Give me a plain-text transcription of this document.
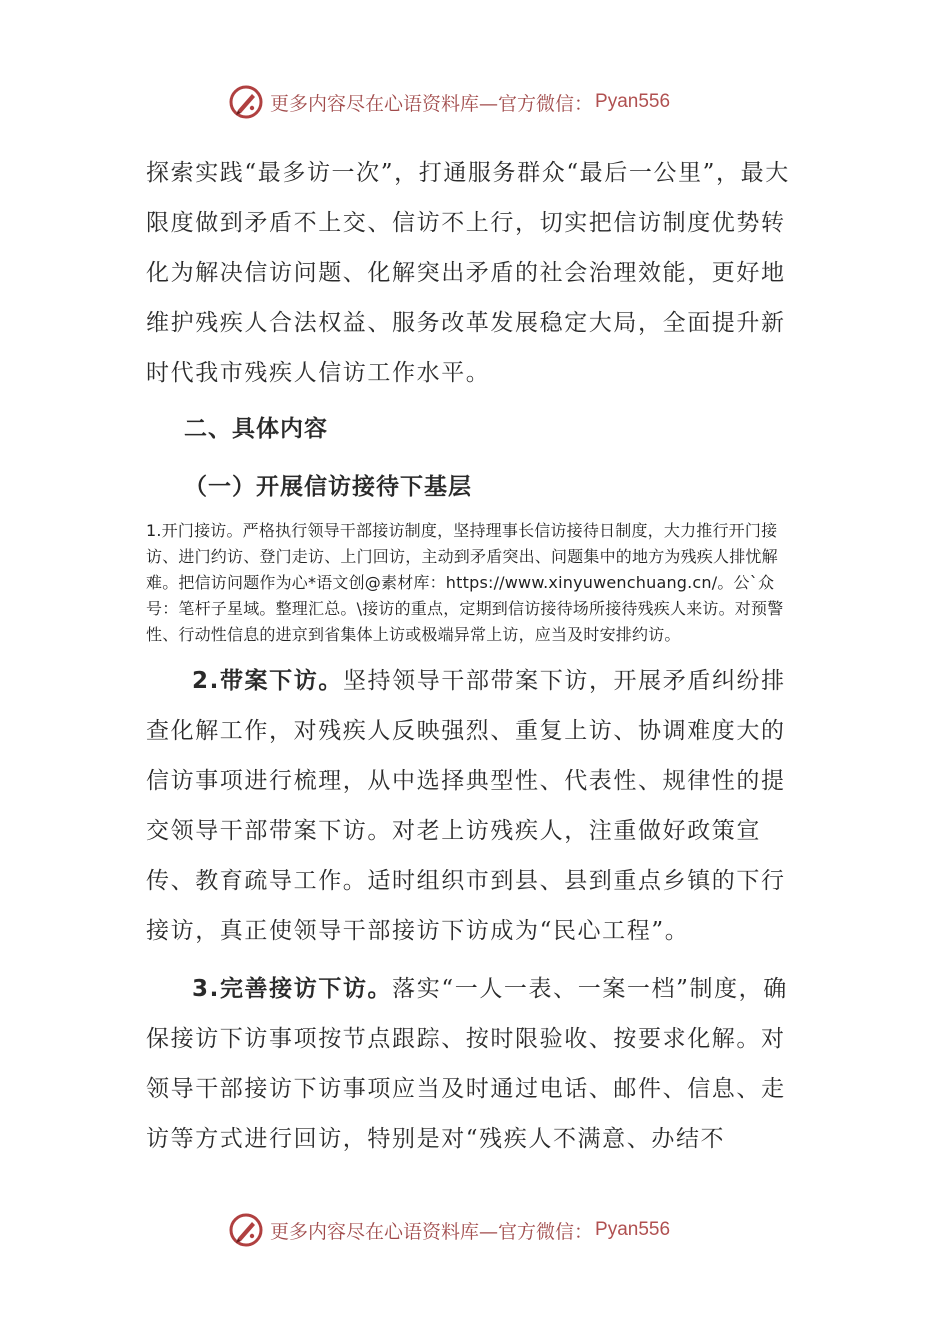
更多内容尽在心语资料库—官方微信： Pyan556

探索实践“最多访一次”，打通服务群众“最后一公里”，最大限度做到矛盾不上交、信访不上行，切实把信访制度优势转化为解决信访问题、化解突出矛盾的社会治理效能，更好地维护残疾人合法权益、服务改革发展稳定大局，全面提升新时代我市残疾人信访工作水平。

二、具体内容

（一）开展信访接待下基层

1.开门接访。严格执行领导干部接访制度，坚持理事长信访接待日制度，大力推行开门接访、进门约访、登门走访、上门回访，主动到矛盾突出、问题集中的地方为残疾人排忧解难。把信访问题作为心*语文创@素材库：https://www.xinyuwenchuang.cn/。公`众号：笔杆子星域。整理汇总。\接访的重点，定期到信访接待场所接待残疾人来访。对预警性、行动性信息的进京到省集体上访或极端异常上访，应当及时安排约访。

2.带案下访。坚持领导干部带案下访，开展矛盾纠纷排查化解工作，对残疾人反映强烈、重复上访、协调难度大的信访事项进行梳理，从中选择典型性、代表性、规律性的提交领导干部带案下访。对老上访残疾人，注重做好政策宣传、教育疏导工作。适时组织市到县、县到重点乡镇的下行接访，真正使领导干部接访下访成为“民心工程”。

3.完善接访下访。落实“一人一表、一案一档”制度，确保接访下访事项按节点跟踪、按时限验收、按要求化解。对领导干部接访下访事项应当及时通过电话、邮件、信息、走访等方式进行回访，特别是对“残疾人不满意、办结不

更多内容尽在心语资料库—官方微信： Pyan556
